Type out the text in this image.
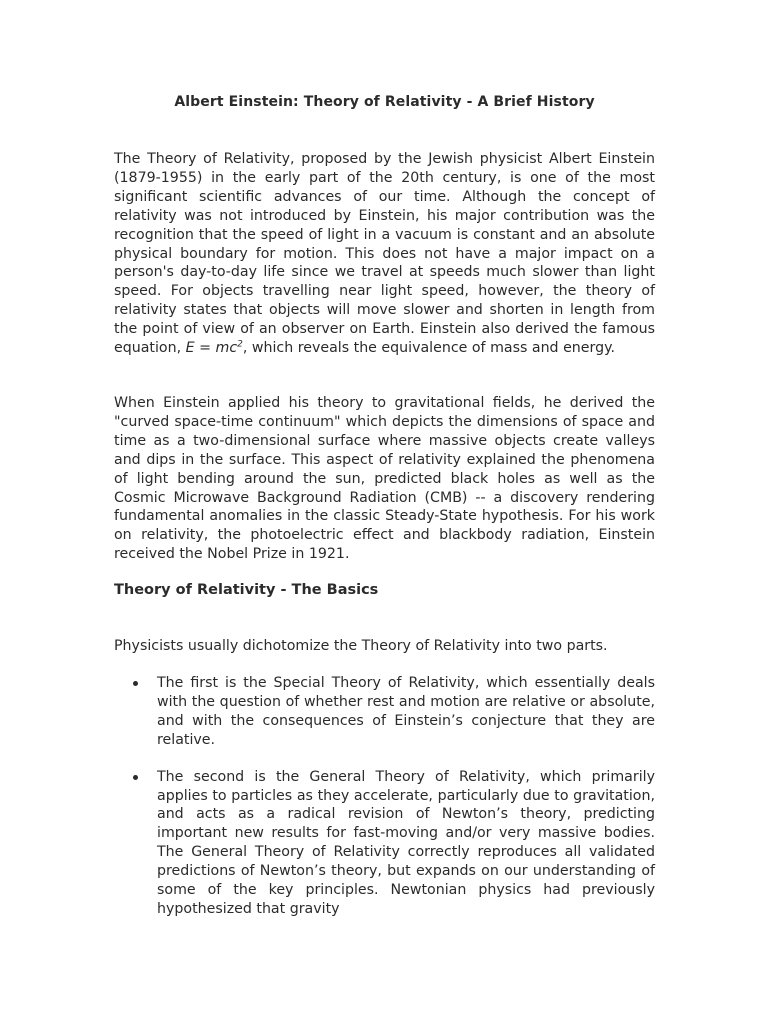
Albert Einstein: Theory of Relativity - A Brief History

The Theory of Relativity, proposed by the Jewish physicist Albert Einstein (1879-1955) in the early part of the 20th century, is one of the most significant scientific advances of our time. Although the concept of relativity was not introduced by Einstein, his major contribution was the recognition that the speed of light in a vacuum is constant and an absolute physical boundary for motion. This does not have a major impact on a person's day-to-day life since we travel at speeds much slower than light speed. For objects travelling near light speed, however, the theory of relativity states that objects will move slower and shorten in length from the point of view of an observer on Earth. Einstein also derived the famous equation, $E = mc^2$, which reveals the equivalence of mass and energy.

When Einstein applied his theory to gravitational fields, he derived the "curved space-time continuum" which depicts the dimensions of space and time as a two-dimensional surface where massive objects create valleys and dips in the surface. This aspect of relativity explained the phenomena of light bending around the sun, predicted black holes as well as the Cosmic Microwave Background Radiation (CMB) -- a discovery rendering fundamental anomalies in the classic Steady-State hypothesis. For his work on relativity, the photoelectric effect and blackbody radiation, Einstein received the Nobel Prize in 1921.

Theory of Relativity - The Basics

Physicists usually dichotomize the Theory of Relativity into two parts.

The first is the Special Theory of Relativity, which essentially deals with the question of whether rest and motion are relative or absolute, and with the consequences of Einstein’s conjecture that they are relative.
The second is the General Theory of Relativity, which primarily applies to particles as they accelerate, particularly due to gravitation, and acts as a radical revision of Newton’s theory, predicting important new results for fast-moving and/or very massive bodies. The General Theory of Relativity correctly reproduces all validated predictions of Newton’s theory, but expands on our understanding of some of the key principles. Newtonian physics had previously hypothesized that gravity
